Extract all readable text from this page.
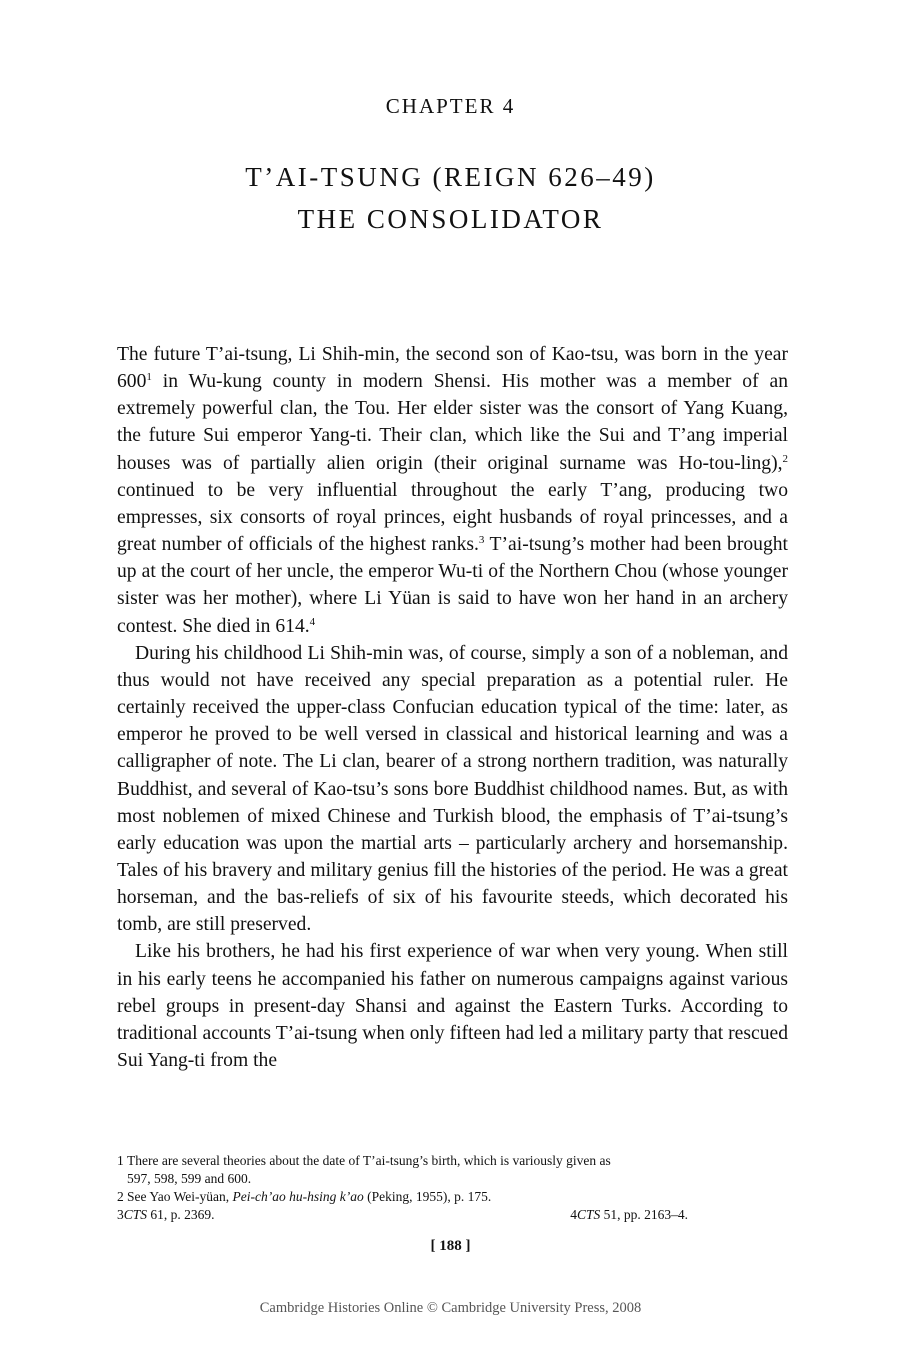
CHAPTER 4
T’AI-TSUNG (REIGN 626–49)
THE CONSOLIDATOR

The future T’ai-tsung, Li Shih-min, the second son of Kao-tsu, was born in the year $600^1$ in Wu-kung county in modern Shensi. His mother was a member of an extremely powerful clan, the Tou. Her elder sister was the consort of Yang Kuang, the future Sui emperor Yang-ti. Their clan, which like the Sui and T’ang imperial houses was of partially alien origin (their original surname was Ho-tou-ling),$^2$ continued to be very influential throughout the early T’ang, producing two empresses, six consorts of royal princes, eight husbands of royal princesses, and a great number of officials of the highest ranks.$^3$ T’ai-tsung’s mother had been brought up at the court of her uncle, the emperor Wu-ti of the Northern Chou (whose younger sister was her mother), where Li Yüan is said to have won her hand in an archery contest. She died in 614.$^4$

During his childhood Li Shih-min was, of course, simply a son of a nobleman, and thus would not have received any special preparation as a potential ruler. He certainly received the upper-class Confucian education typical of the time: later, as emperor he proved to be well versed in classical and historical learning and was a calligrapher of note. The Li clan, bearer of a strong northern tradition, was naturally Buddhist, and several of Kao-tsu’s sons bore Buddhist childhood names. But, as with most noblemen of mixed Chinese and Turkish blood, the emphasis of T’ai-tsung’s early education was upon the martial arts – particularly archery and horsemanship. Tales of his bravery and military genius fill the histories of the period. He was a great horseman, and the bas-reliefs of six of his favourite steeds, which decorated his tomb, are still preserved.

Like his brothers, he had his first experience of war when very young. When still in his early teens he accompanied his father on numerous campaigns against various rebel groups in present-day Shansi and against the Eastern Turks. According to traditional accounts T’ai-tsung when only fifteen had led a military party that rescued Sui Yang-ti from the

1 There are several theories about the date of T’ai-tsung’s birth, which is variously given as
597, 598, 599 and 600.
2 See Yao Wei-yüan, Pei-ch’ao hu-hsing k’ao (Peking, 1955), p. 175.
3CTS 61, p. 2369.	4CTS 51, pp. 2163–4.
[ 188 ]
Cambridge Histories Online © Cambridge University Press, 2008
